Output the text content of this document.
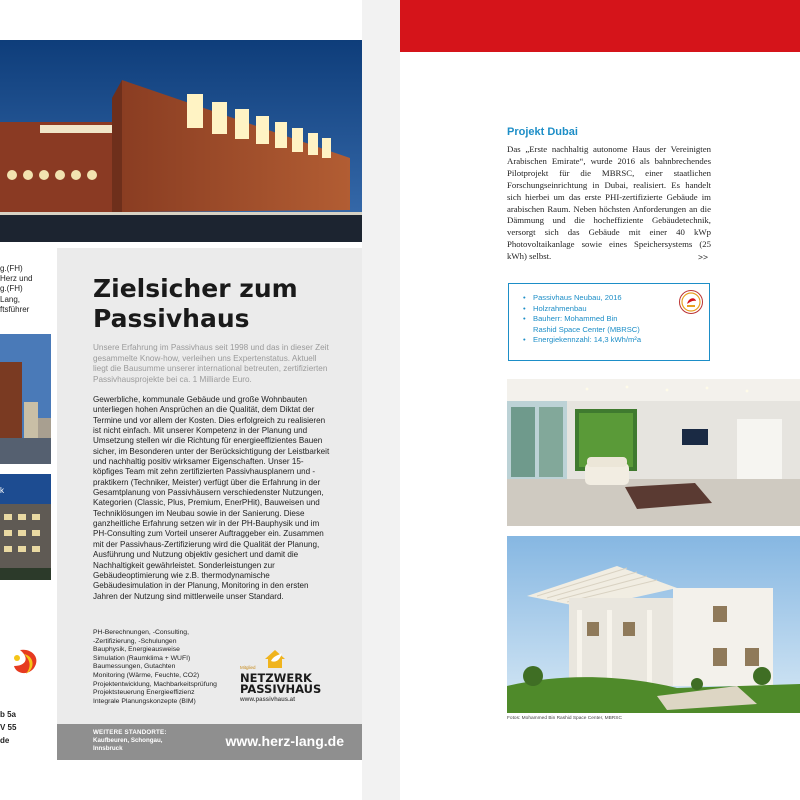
g.(FH)
Herz und
g.(FH)
Lang,
ftsführer
k
b 5a
V 55
de
Zielsicher zum
Passivhaus

Unsere Erfahrung im Passivhaus seit 1998 und das in dieser Zeit gesammelte Know-how, verleihen uns Expertenstatus. Aktuell liegt die Bausumme unserer international betreuten, zertifizierten Passivhausprojekte bei ca. 1 Milliarde Euro.

Gewerbliche, kommunale Gebäude und große Wohnbauten unterliegen hohen Ansprüchen an die Qualität, dem Diktat der Termine und vor allem der Kosten. Dies erfolgreich zu realisieren ist nicht einfach. Mit unserer Kompetenz in der Planung und Umsetzung stellen wir die Richtung für energieeffizientes Bauen sicher, im Besonderen unter der Berücksichtigung der Leistbarkeit und nachhaltig positiv wirksamer Eigenschaften. Unser 15-köpfiges Team mit zehn zertifizierten Passivhausplanern und -praktikern (Techniker, Meister) verfügt über die Erfahrung in der Gesamtplanung von Passivhäusern verschiedenster Nutzungen, Kategorien (Classic, Plus, Premium, EnerPHit), Bauweisen und Techniklösungen im Neubau sowie in der Sanierung. Diese ganzheitliche Erfahrung setzen wir in der PH-Bauphysik und im PH-Consulting zum Vorteil unserer Auftraggeber ein. Zusammen mit der Passivhaus-Zertifizierung wird die Qualität der Planung, Ausführung und Nutzung objektiv gesichert und damit die Nachhaltigkeit gewährleistet. Sonderleistungen zur Gebäudeoptimierung wie z.B. thermodynamische Gebäudesimulation in der Planung, Monitoring in den ersten Jahren der Nutzung sind mittlerweile unser Standard.

PH-Berechnungen, -Consulting,
-Zertifizierung, -Schulungen
Bauphysik, Energieausweise
Simulation (Raumklima + WUFI)
Baumessungen, Gutachten
Monitoring (Wärme, Feuchte, CO2)
Projektentwicklung, Machbarkeitsprüfung
Projektsteuerung Energieeffizienz
Integrale Planungskonzepte (BIM)
Mitglied
NETZWERK
PASSIVHAUS
www.passivhaus.at
WEITERE STANDORTE:
Kaufbeuren, Schongau,
Innsbruck	www.herz-lang.de
Projekt Dubai

Das „Erste nachhaltig autonome Haus der Vereinigten Arabischen Emirate“, wurde 2016 als bahnbrechendes Pilotprojekt für die MBRSC, einer staatlichen Forschungseinrichtung in Dubai, realisiert. Es handelt sich hierbei um das erste PHI-zertifizierte Gebäude im arabischen Raum. Neben höchsten Anforderungen an die Dämmung und die hocheffiziente Gebäudetechnik, versorgt sich das Gebäude mit einer 40 kWp Photovoltaikanlage sowie eines Speichersystems (25 kWh) selbst.	>>
• Passivhaus Neubau, 2016
• Holzrahmenbau
• Bauherr: Mohammed Bin
Rashid Space Center (MBRSC)
• Energiekennzahl: 14,3 kWh/m²a
Fotos: Mohammed Bin Rashid Space Center, MBRSC
